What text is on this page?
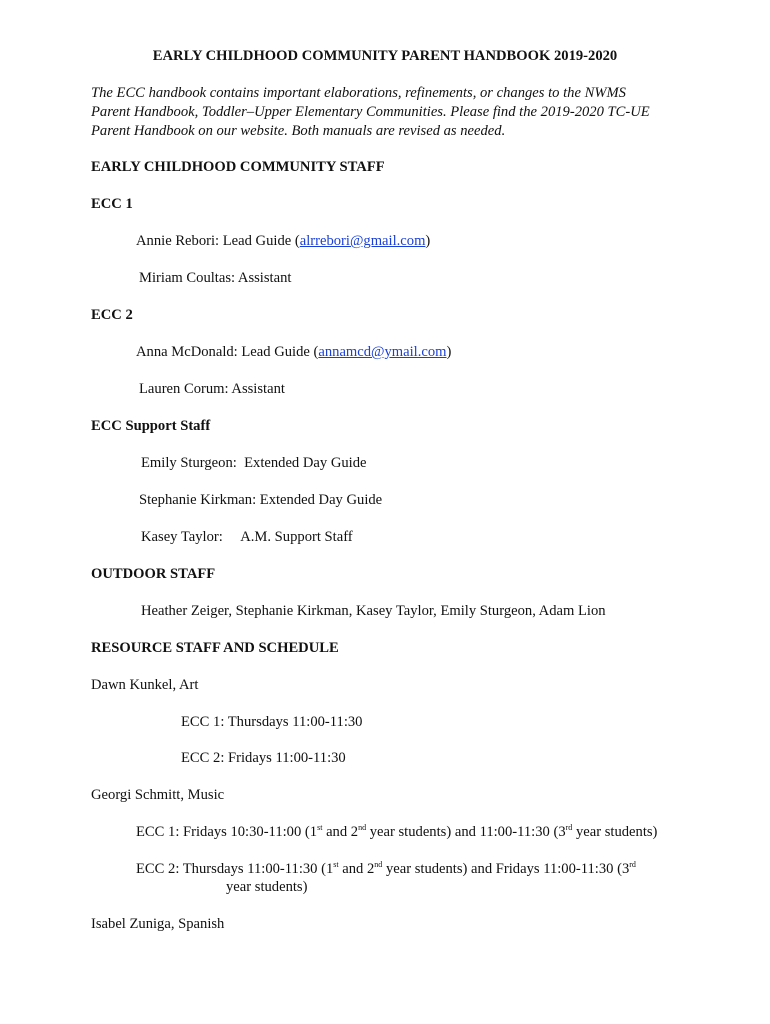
EARLY CHILDHOOD COMMUNITY PARENT HANDBOOK 2019-2020
The ECC handbook contains important elaborations, refinements, or changes to the NWMS
Parent Handbook, Toddler–Upper Elementary Communities. Please find the 2019-2020 TC-UE
Parent Handbook on our website. Both manuals are revised as needed.
EARLY CHILDHOOD COMMUNITY STAFF
ECC 1
Annie Rebori: Lead Guide (alrrebori@gmail.com)
Miriam Coultas: Assistant
ECC 2
Anna McDonald: Lead Guide (annamcd@ymail.com)
Lauren Corum: Assistant
ECC Support Staff
Emily Sturgeon:  Extended Day Guide
Stephanie Kirkman: Extended Day Guide
Kasey Taylor:     A.M. Support Staff
OUTDOOR STAFF
Heather Zeiger, Stephanie Kirkman, Kasey Taylor, Emily Sturgeon, Adam Lion
RESOURCE STAFF AND SCHEDULE
Dawn Kunkel, Art
ECC 1: Thursdays 11:00-11:30
ECC 2: Fridays 11:00-11:30
Georgi Schmitt, Music
ECC 1: Fridays 10:30-11:00 (1st and 2nd year students) and 11:00-11:30 (3rd year students)
ECC 2: Thursdays 11:00-11:30 (1st and 2nd year students) and Fridays 11:00-11:30 (3rd
year students)
Isabel Zuniga, Spanish
